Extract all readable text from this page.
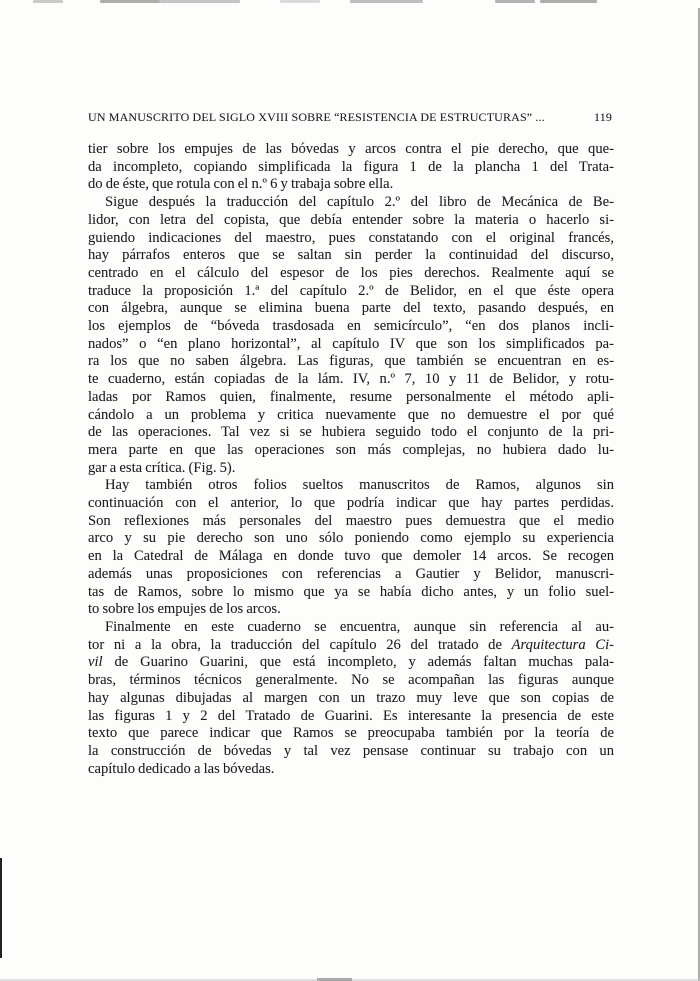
UN MANUSCRITO DEL SIGLO XVIII SOBRE “RESISTENCIA DE ESTRUCTURAS” ...	119
tier sobre los empujes de las bóvedas y arcos contra el pie derecho, que que-
da incompleto, copiando simplificada la figura 1 de la plancha 1 del Trata-
do de éste, que rotula con el n.º 6 y trabaja sobre ella.
Sigue después la traducción del capítulo 2.º del libro de Mecánica de Be-
lidor, con letra del copista, que debía entender sobre la materia o hacerlo si-
guiendo indicaciones del maestro, pues constatando con el original francés,
hay párrafos enteros que se saltan sin perder la continuidad del discurso,
centrado en el cálculo del espesor de los pies derechos. Realmente aquí se
traduce la proposición 1.ª del capítulo 2.º de Belidor, en el que éste opera
con álgebra, aunque se elimina buena parte del texto, pasando después, en
los ejemplos de “bóveda trasdosada en semicírculo”, “en dos planos incli-
nados” o “en plano horizontal”, al capítulo IV que son los simplificados pa-
ra los que no saben álgebra. Las figuras, que también se encuentran en es-
te cuaderno, están copiadas de la lám. IV, n.º 7, 10 y 11 de Belidor, y rotu-
ladas por Ramos quien, finalmente, resume personalmente el método apli-
cándolo a un problema y critica nuevamente que no demuestre el por qué
de las operaciones. Tal vez si se hubiera seguido todo el conjunto de la pri-
mera parte en que las operaciones son más complejas, no hubiera dado lu-
gar a esta crítica. (Fig. 5).
Hay también otros folios sueltos manuscritos de Ramos, algunos sin
continuación con el anterior, lo que podría indicar que hay partes perdidas.
Son reflexiones más personales del maestro pues demuestra que el medio
arco y su pie derecho son uno sólo poniendo como ejemplo su experiencia
en la Catedral de Málaga en donde tuvo que demoler 14 arcos. Se recogen
además unas proposiciones con referencias a Gautier y Belidor, manuscri-
tas de Ramos, sobre lo mismo que ya se había dicho antes, y un folio suel-
to sobre los empujes de los arcos.
Finalmente en este cuaderno se encuentra, aunque sin referencia al au-
tor ni a la obra, la traducción del capítulo 26 del tratado de Arquitectura Ci-
vil de Guarino Guarini, que está incompleto, y además faltan muchas pala-
bras, términos técnicos generalmente. No se acompañan las figuras aunque
hay algunas dibujadas al margen con un trazo muy leve que son copias de
las figuras 1 y 2 del Tratado de Guarini. Es interesante la presencia de este
texto que parece indicar que Ramos se preocupaba también por la teoría de
la construcción de bóvedas y tal vez pensase continuar su trabajo con un
capítulo dedicado a las bóvedas.
